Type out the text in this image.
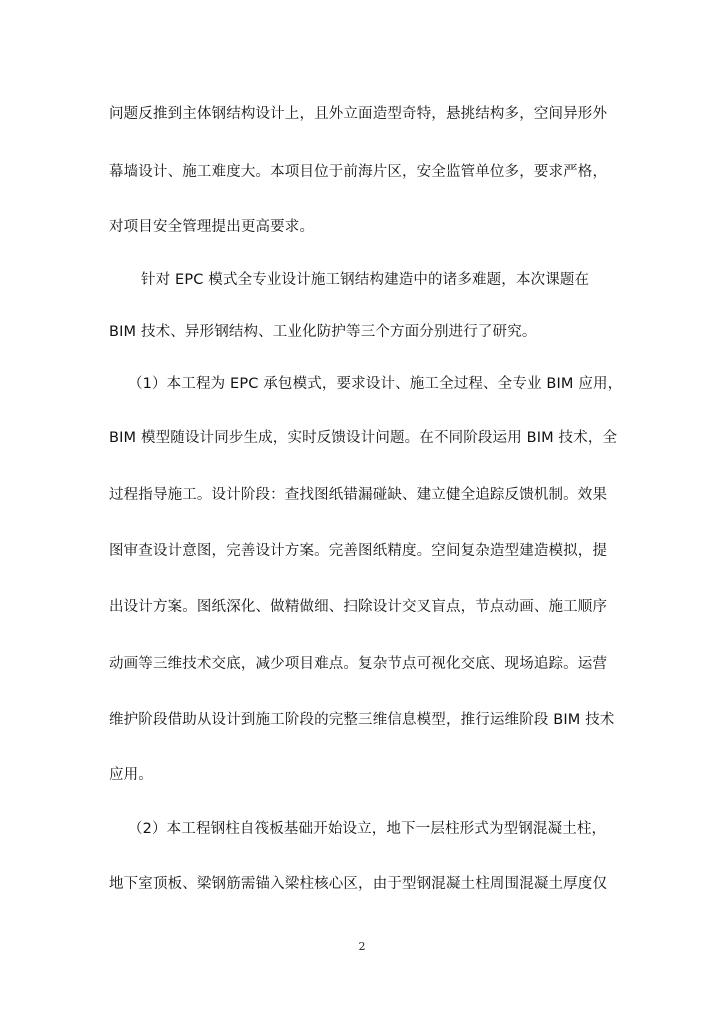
问题反推到主体钢结构设计上，且外立面造型奇特，悬挑结构多，空间异形外
幕墙设计、施工难度大。本项目位于前海片区，安全监管单位多，要求严格，
对项目安全管理提出更高要求。
针对 EPC 模式全专业设计施工钢结构建造中的诸多难题，本次课题在
BIM 技术、异形钢结构、工业化防护等三个方面分别进行了研究。
（1）本工程为 EPC 承包模式，要求设计、施工全过程、全专业 BIM 应用，
BIM 模型随设计同步生成，实时反馈设计问题。在不同阶段运用 BIM 技术，全
过程指导施工。设计阶段：查找图纸错漏碰缺、建立健全追踪反馈机制。效果
图审查设计意图，完善设计方案。完善图纸精度。空间复杂造型建造模拟，提
出设计方案。图纸深化、做精做细、扫除设计交叉盲点，节点动画、施工顺序
动画等三维技术交底，减少项目难点。复杂节点可视化交底、现场追踪。运营
维护阶段借助从设计到施工阶段的完整三维信息模型，推行运维阶段 BIM 技术
应用。
（2）本工程钢柱自筏板基础开始设立，地下一层柱形式为型钢混凝土柱，
地下室顶板、梁钢筋需锚入梁柱核心区，由于型钢混凝土柱周围混凝土厚度仅
2
